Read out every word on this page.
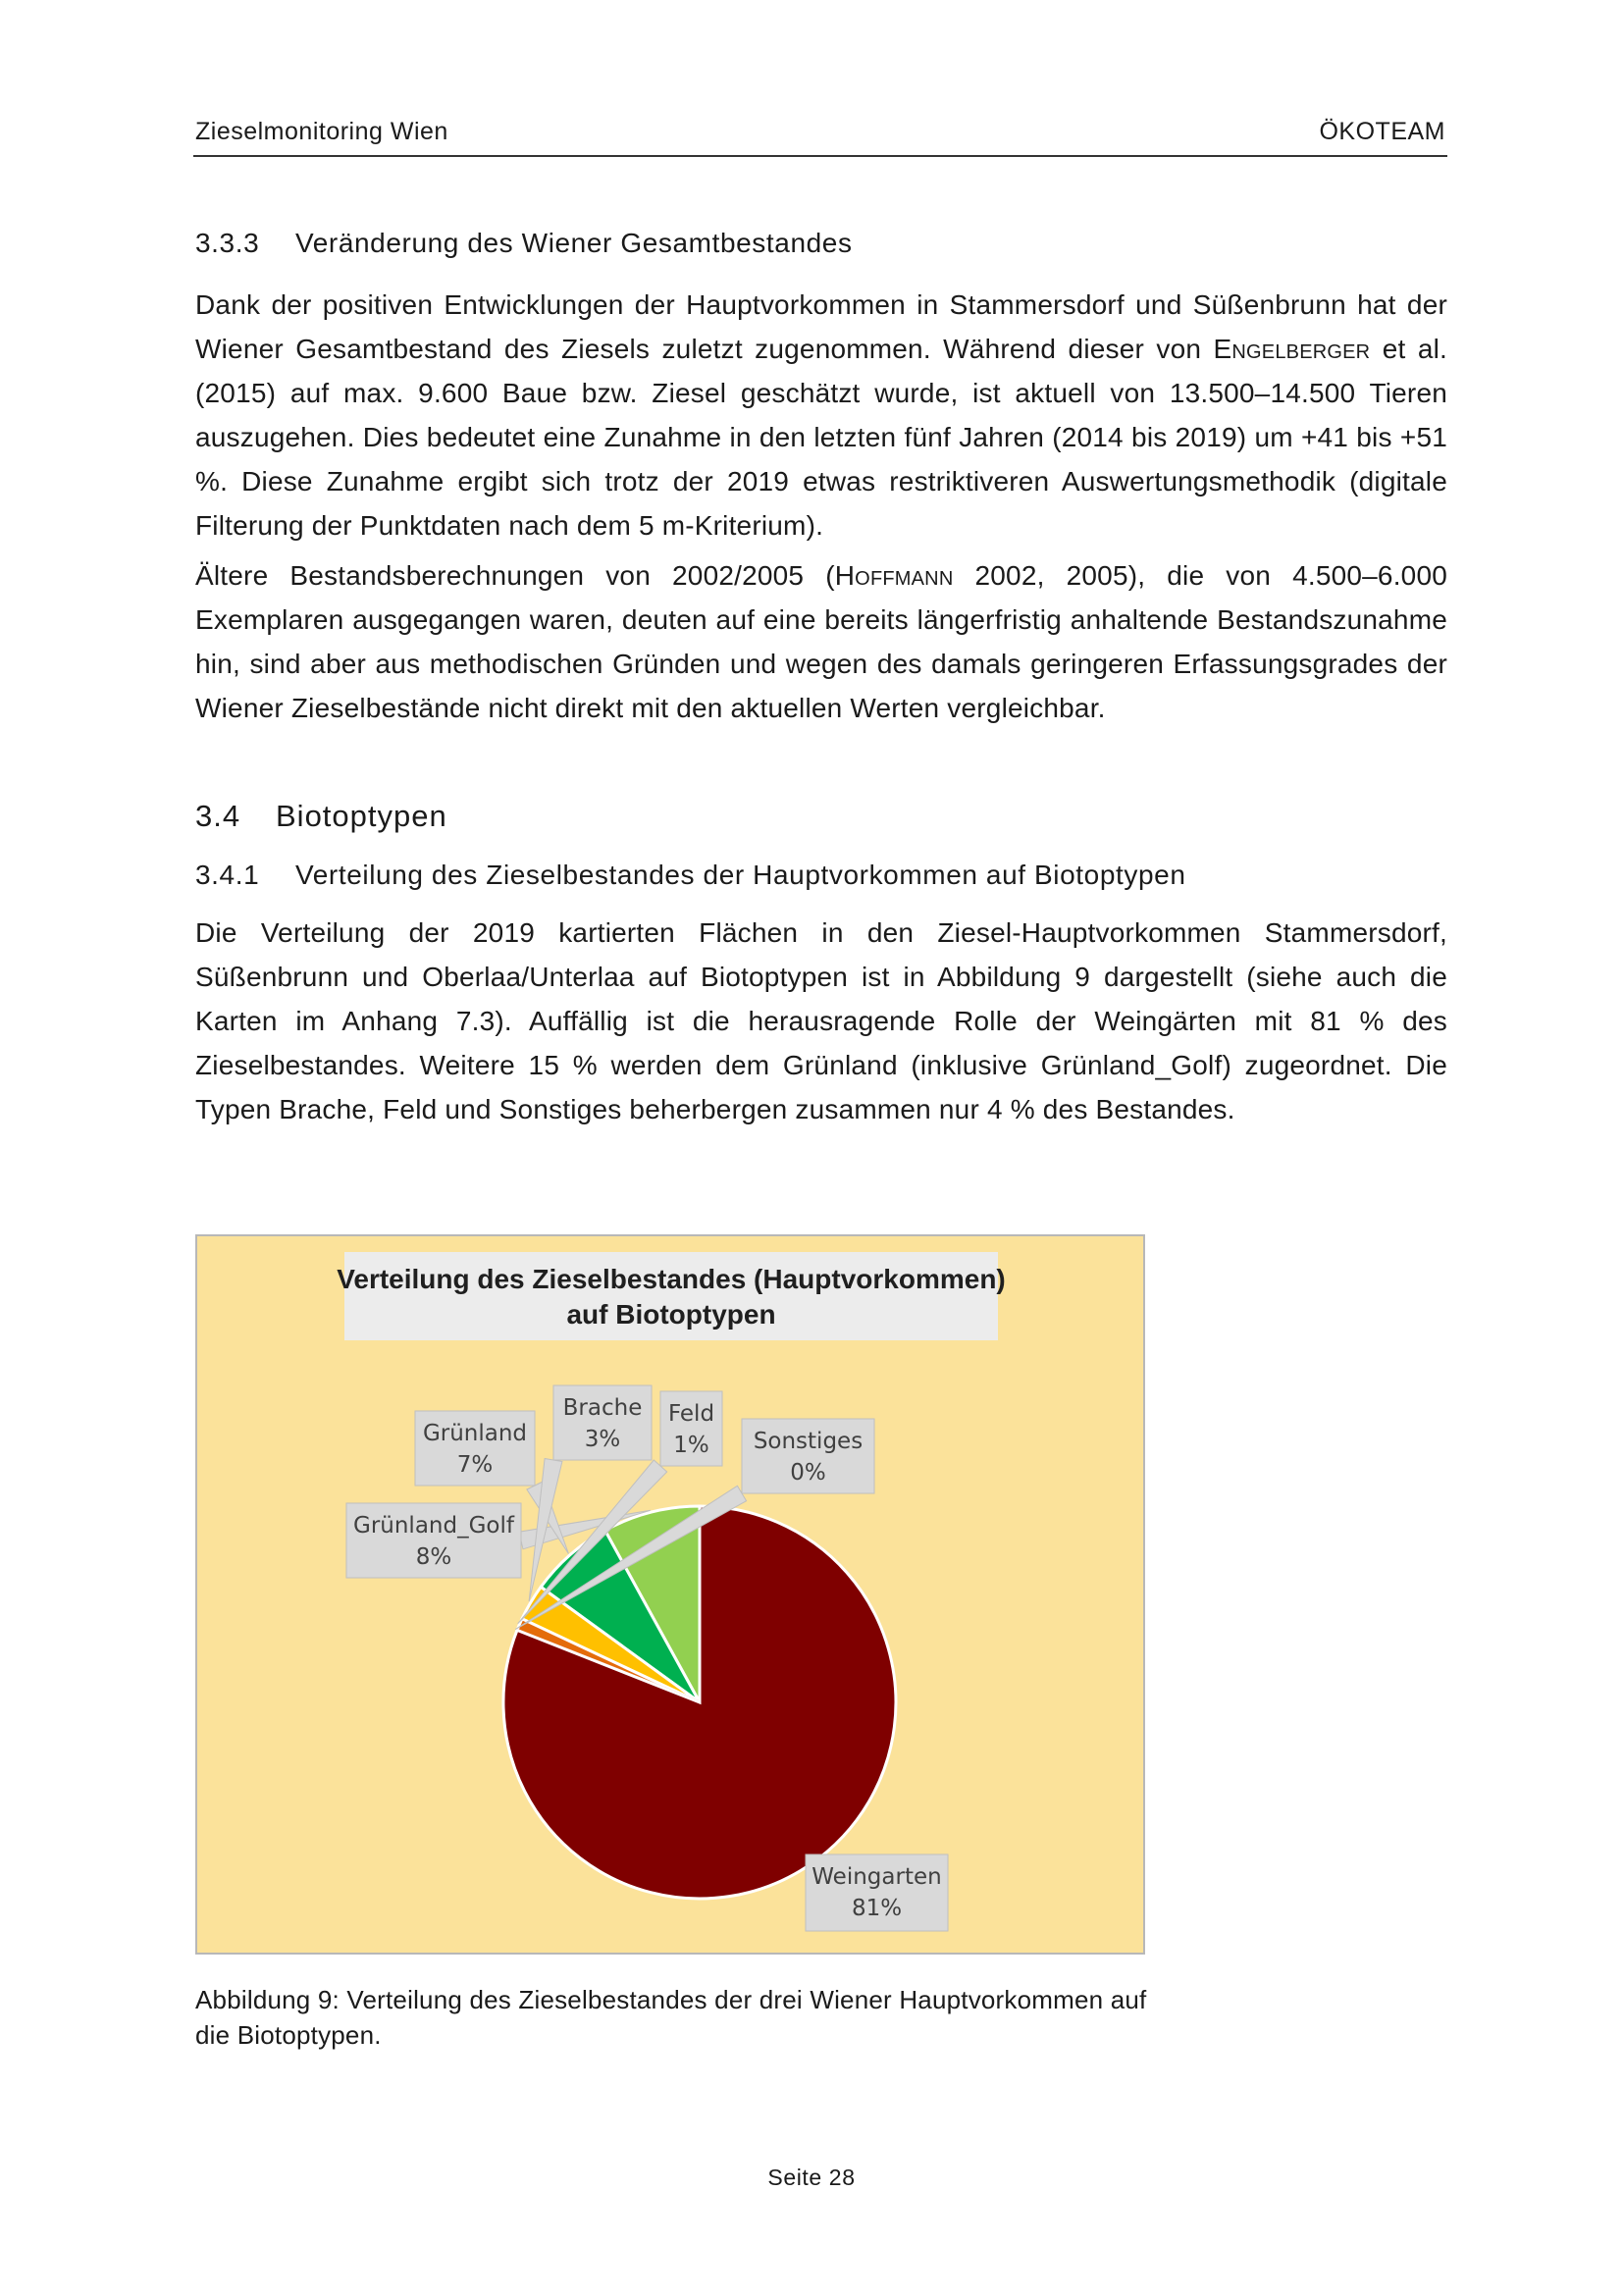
Zieselmonitoring Wien	ÖKOTEAM
3.3.3 Veränderung des Wiener Gesamtbestandes

Dank der positiven Entwicklungen der Hauptvorkommen in Stammersdorf und Süßenbrunn hat der Wiener Gesamtbestand des Ziesels zuletzt zugenommen. Während dieser von Engelberger et al. (2015) auf max. 9.600 Baue bzw. Ziesel geschätzt wurde, ist aktuell von 13.500–14.500 Tieren auszugehen. Dies bedeutet eine Zunahme in den letzten fünf Jahren (2014 bis 2019) um +41 bis +51 %. Diese Zunahme ergibt sich trotz der 2019 etwas restriktiveren Auswertungsmethodik (digitale Filterung der Punktdaten nach dem 5 m-Kriterium).

Ältere Bestandsberechnungen von 2002/2005 (Hoffmann 2002, 2005), die von 4.500–6.000 Exemplaren ausgegangen waren, deuten auf eine bereits längerfristig anhaltende Bestandszunahme hin, sind aber aus methodischen Gründen und wegen des damals geringeren Erfassungsgrades der Wiener Zieselbestände nicht direkt mit den aktuellen Werten vergleichbar.

3.4 Biotoptypen
3.4.1 Verteilung des Zieselbestandes der Hauptvorkommen auf Biotoptypen

Die Verteilung der 2019 kartierten Flächen in den Ziesel-Hauptvorkommen Stammersdorf, Süßenbrunn und Oberlaa/Unterlaa auf Biotoptypen ist in Abbildung 9 dargestellt (siehe auch die Karten im Anhang 7.3). Auffällig ist die herausragende Rolle der Weingärten mit 81 % des Zieselbestandes. Weitere 15 % werden dem Grünland (inklusive Grünland_Golf) zugeordnet. Die Typen Brache, Feld und Sonstiges beherbergen zusammen nur 4 % des Bestandes.

Verteilung des Zieselbestandes (Hauptvorkommen)
auf Biotoptypen
Weingarten
81%
Grünland_Golf
8%
Grünland
7%
Brache
3%
Feld
1% Sonstiges
0%
Abbildung 9: Verteilung des Zieselbestandes der drei Wiener Hauptvorkommen auf die Biotoptypen.
Seite 28
